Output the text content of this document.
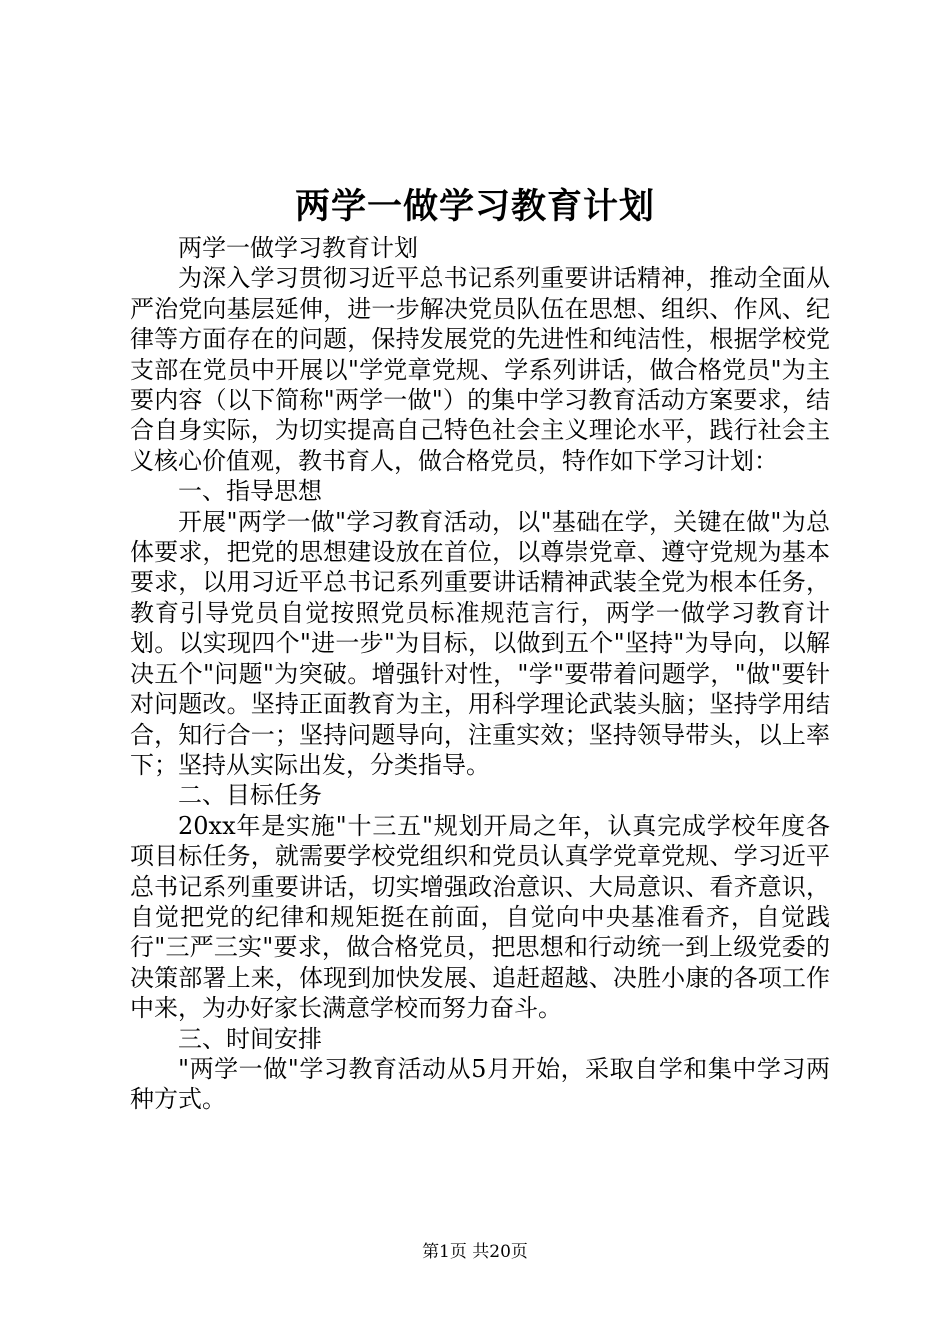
两学一做学习教育计划

两学一做学习教育计划

为深入学习贯彻习近平总书记系列重要讲话精神，推动全面从严治党向基层延伸，进一步解决党员队伍在思想、组织、作风、纪律等方面存在的问题，保持发展党的先进性和纯洁性，根据学校党支部在党员中开展以"学党章党规、学系列讲话，做合格党员"为主要内容（以下简称"两学一做"）的集中学习教育活动方案要求，结合自身实际，为切实提高自己特色社会主义理论水平，践行社会主义核心价值观，教书育人，做合格党员，特作如下学习计划：

一、指导思想

开展"两学一做"学习教育活动，以"基础在学，关键在做"为总体要求，把党的思想建设放在首位，以尊崇党章、遵守党规为基本要求，以用习近平总书记系列重要讲话精神武装全党为根本任务，教育引导党员自觉按照党员标准规范言行，两学一做学习教育计划。以实现四个"进一步"为目标，以做到五个"坚持"为导向，以解决五个"问题"为突破。增强针对性，"学"要带着问题学，"做"要针对问题改。坚持正面教育为主，用科学理论武装头脑；坚持学用结合，知行合一；坚持问题导向，注重实效；坚持领导带头，以上率下；坚持从实际出发，分类指导。

二、目标任务

20xx年是实施"十三五"规划开局之年，认真完成学校年度各项目标任务，就需要学校党组织和党员认真学党章党规、学习近平总书记系列重要讲话，切实增强政治意识、大局意识、看齐意识，自觉把党的纪律和规矩挺在前面，自觉向中央基准看齐，自觉践行"三严三实"要求，做合格党员，把思想和行动统一到上级党委的决策部署上来，体现到加快发展、追赶超越、决胜小康的各项工作中来，为办好家长满意学校而努力奋斗。

三、时间安排

"两学一做"学习教育活动从5月开始，采取自学和集中学习两种方式。

第1页 共20页
